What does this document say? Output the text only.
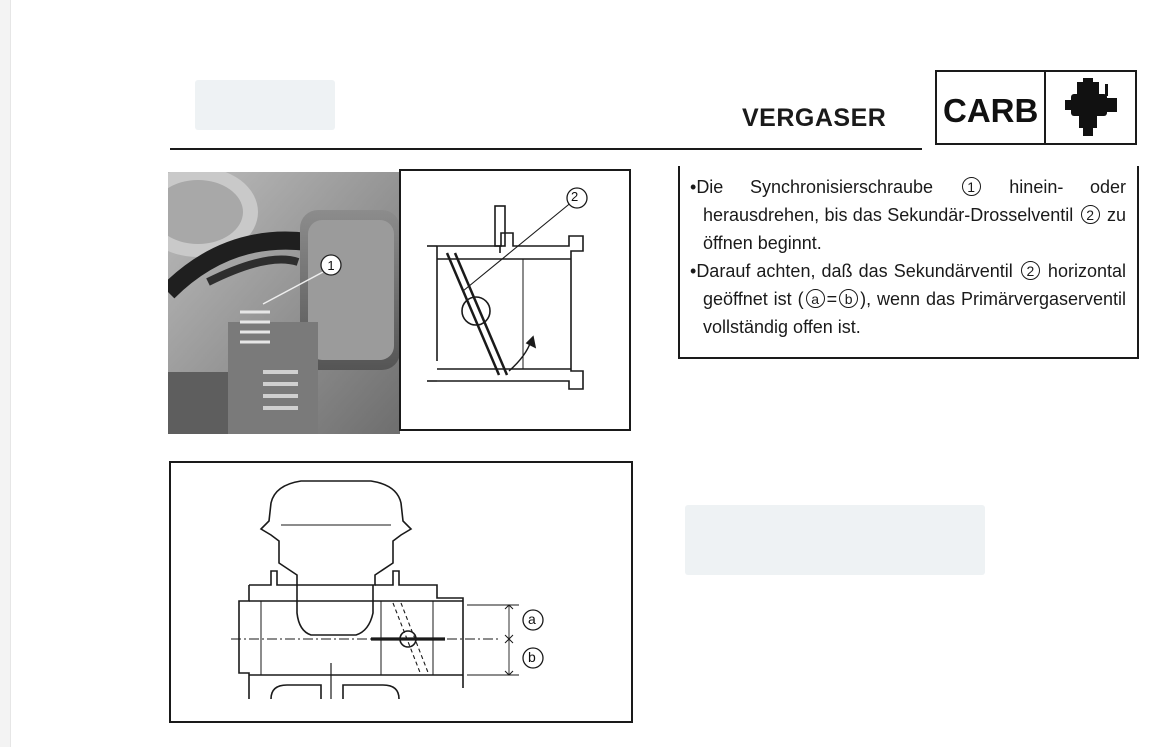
VERGASER CARB
1
2	•Die Synchronisierschraube 1 hinein- oder herausdrehen, bis das Sekundär-Drosselventil 2 zu öffnen beginnt.

•Darauf achten, daß das Sekundärventil 2 horizontal geöffnet ist ( a = b ), wenn das Primärvergaserventil vollständig offen ist.

a
b
